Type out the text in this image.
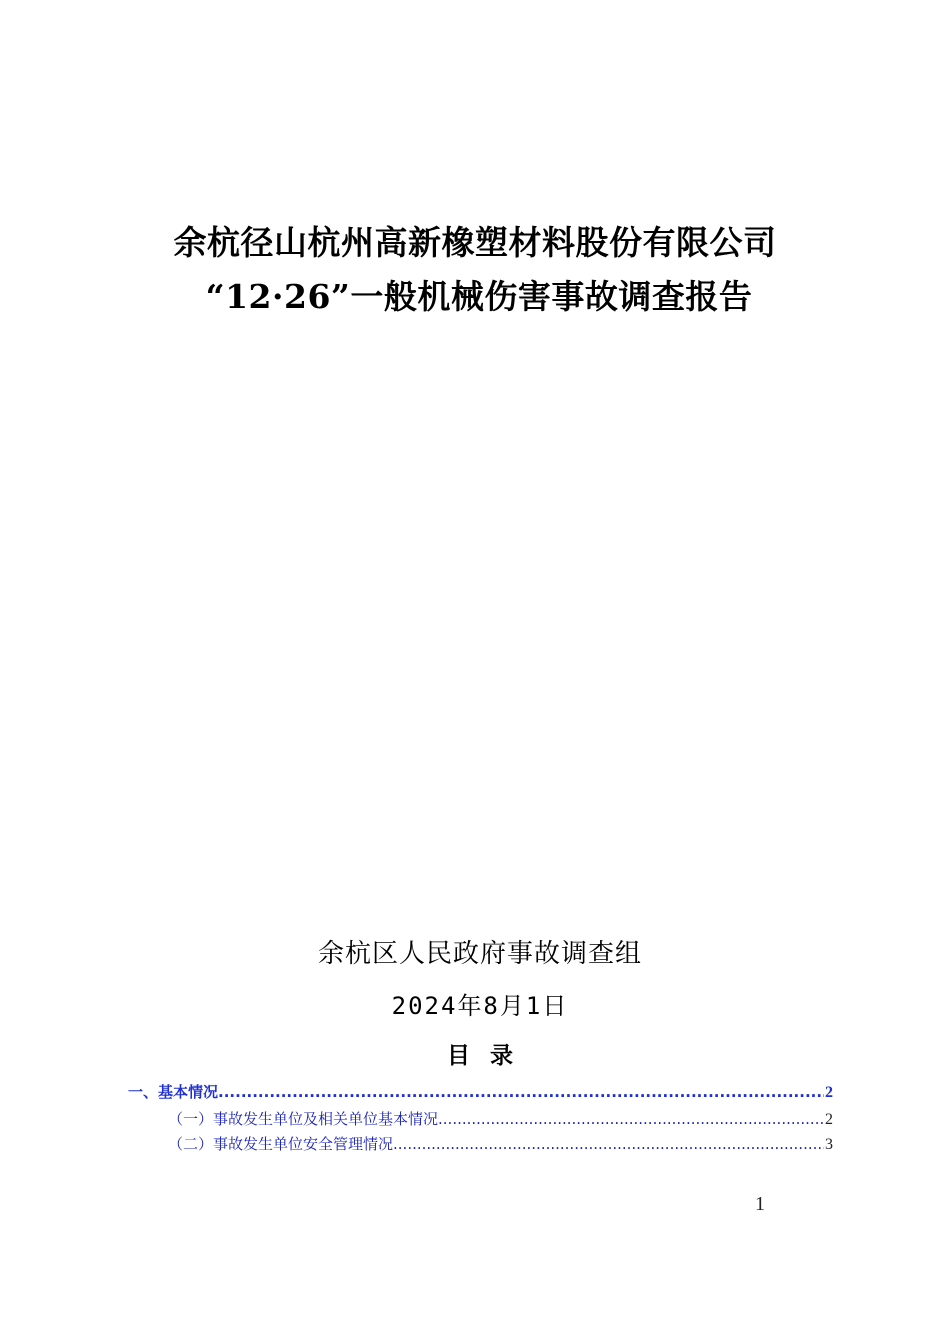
余杭径山杭州高新橡塑材料股份有限公司
“12·26”一般机械伤害事故调查报告
余杭区人民政府事故调查组
2024年8月1日
目 录
一、 基本情况 .....	2
（一）事故发生单位及相关单位基本情况 .....	2
（二）事故发生单位安全管理情况 .....	3
1
